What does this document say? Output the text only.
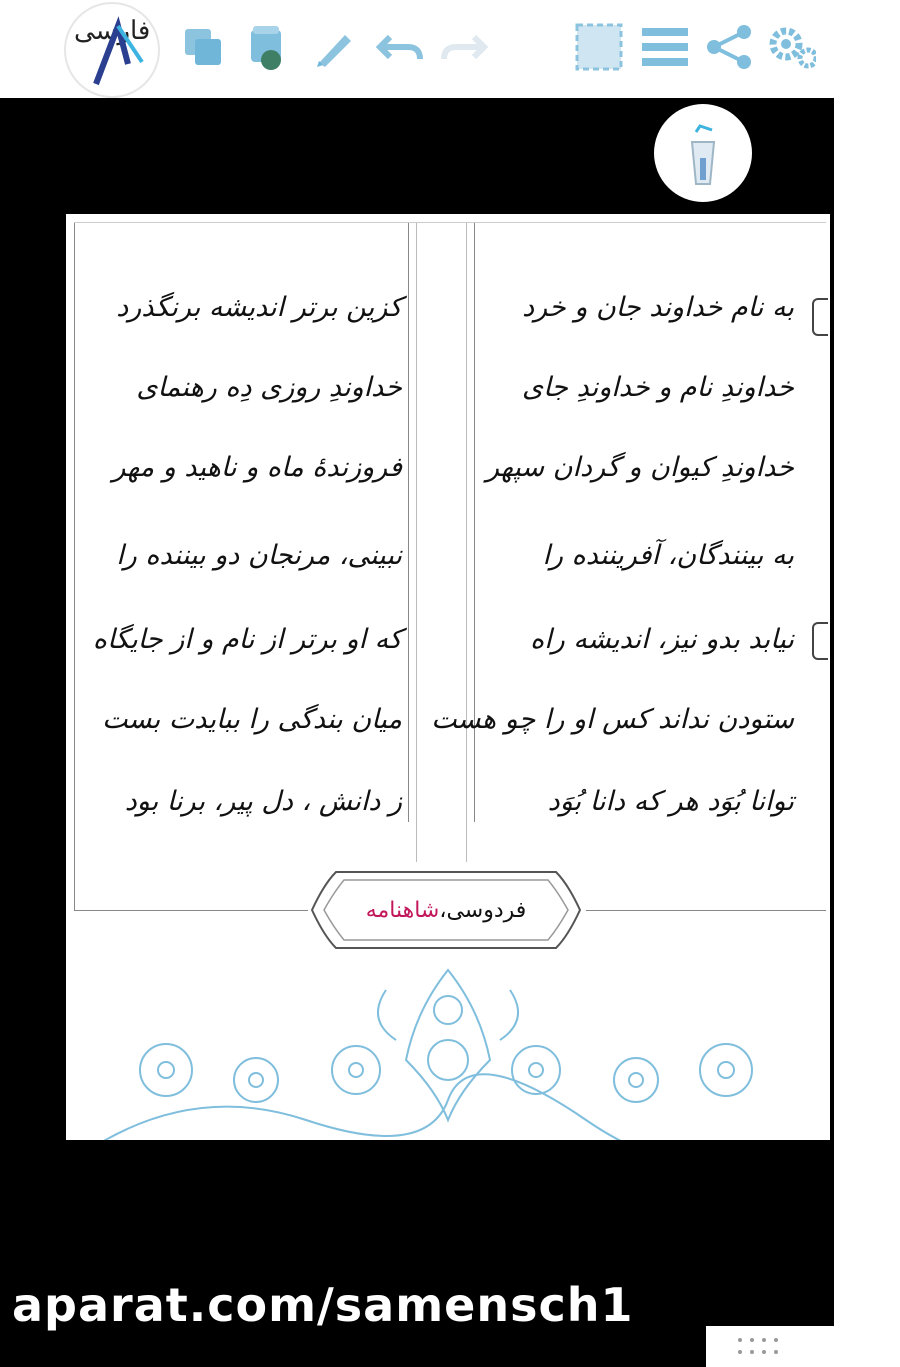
فارسی
به نام خداوند جان و خرد
خداوندِ نام و خداوندِ جای
خداوندِ کیوان و گردان سپهر
به بینندگان، آفریننده را
نیابد بدو نیز، اندیشه راه
ستودن نداند کس او را چو هست
توانا بُوَد هر که دانا بُوَد
کزین برتر اندیشه برنگذرد
خداوندِ روزی دِه رهنمای
فروزندۀ ماه و ناهید و مهر
نبینی، مرنجان دو بیننده را
که او برتر از نام و از جایگاه
میان بندگی را ببایدت بست
ز دانش ، دل پیر، برنا بود
فردوسی،
شاهنامه
aparat.com/samensch1
